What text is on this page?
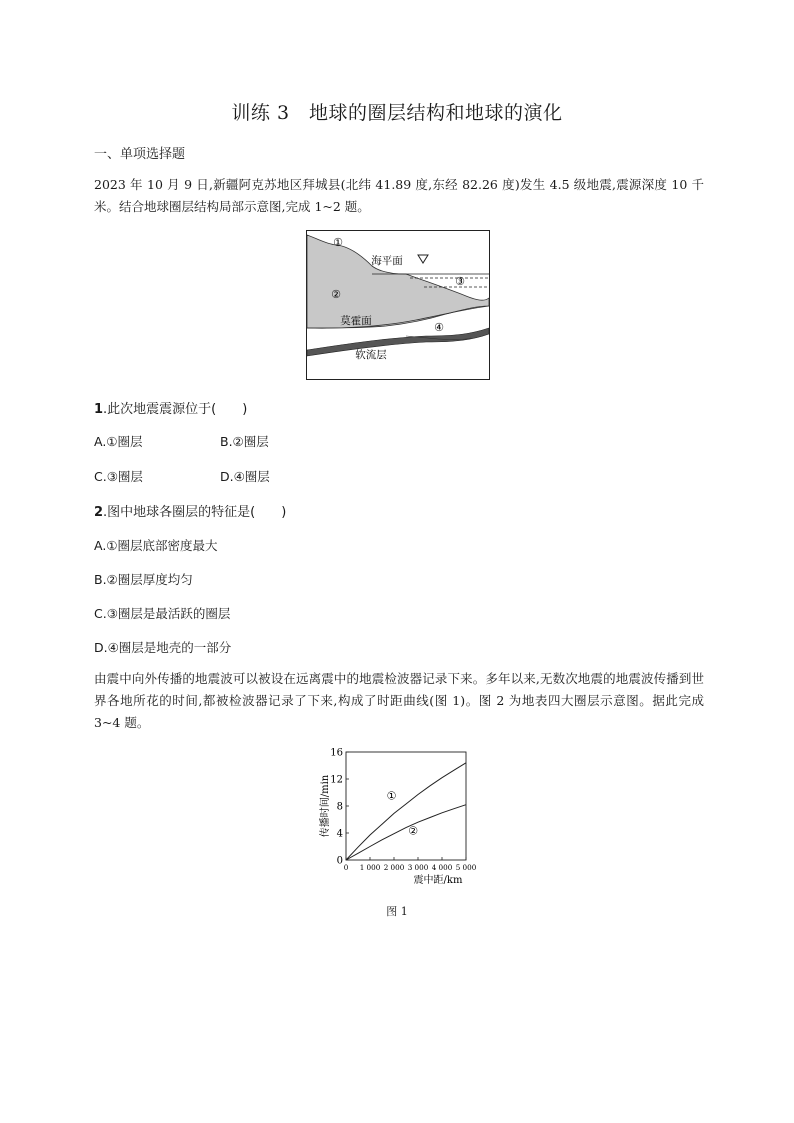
训练 3　地球的圈层结构和地球的演化
一、单项选择题
2023 年 10 月 9 日,新疆阿克苏地区拜城县(北纬 41.89 度,东经 82.26 度)发生 4.5 级地震,震源深度 10 千米。结合地球圈层结构局部示意图,完成 1~2 题。
①
②
③
④
海平面
莫霍面
软流层
1.此次地震震源位于(　　)
A.①圈层	B.②圈层
C.③圈层	D.④圈层
2.图中地球各圈层的特征是(　　)
A.①圈层底部密度最大
B.②圈层厚度均匀
C.③圈层是最活跃的圈层
D.④圈层是地壳的一部分
由震中向外传播的地震波可以被设在远离震中的地震检波器记录下来。多年以来,无数次地震的地震波传播到世界各地所花的时间,都被检波器记录了下来,构成了时距曲线(图 1)。图 2 为地表四大圈层示意图。据此完成 3~4 题。
0
4
8
12
16
0 1 000 2 000 3 000 4 000 5 000
震中距/km
传播时间/min	①
②
图 1
